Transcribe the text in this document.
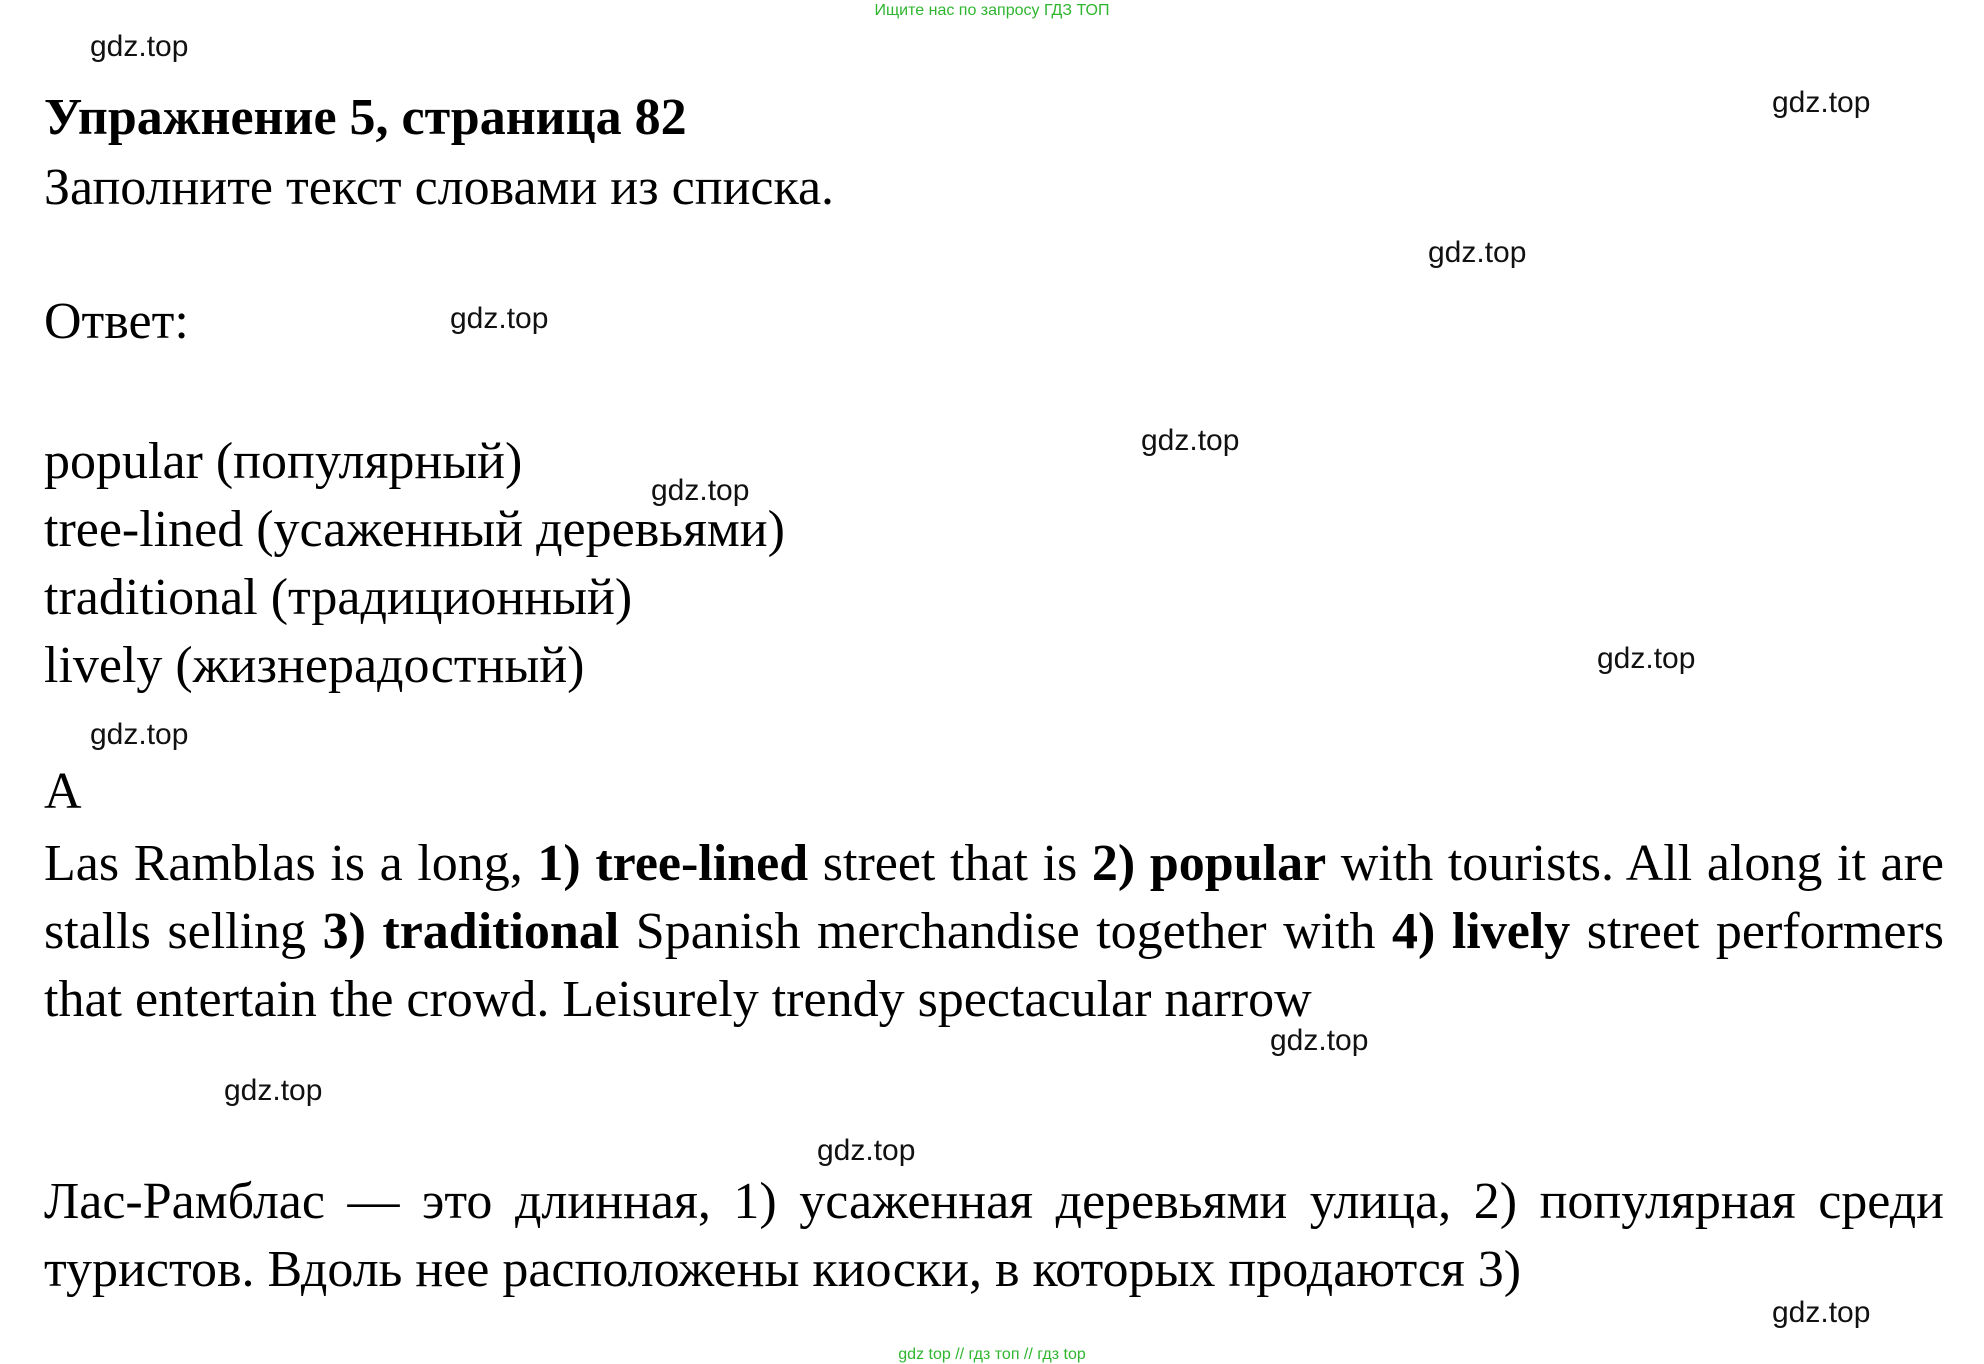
Ищите нас по запросу ГДЗ ТОП
Упражнение 5, страница 82
Заполните текст словами из списка.
Ответ:
popular (популярный)
tree-lined (усаженный деревьями)
traditional (традиционный)
lively (жизнерадостный)
A
Las Ramblas is a long, 1) tree-lined street that is 2) popular with tourists. All along it are stalls selling 3) traditional Spanish merchandise together with 4) lively street performers that entertain the crowd. Leisurely trendy spectacular narrow
Лас-Рамблас — это длинная, 1) усаженная деревьями улица, 2) популярная среди туристов. Вдоль нее расположены киоски, в которых продаются 3)
gdz.top
gdz.top
gdz.top
gdz.top
gdz.top
gdz.top
gdz.top
gdz.top
gdz.top
gdz.top
gdz.top
gdz.top
gdz top // гдз топ // гдз top
